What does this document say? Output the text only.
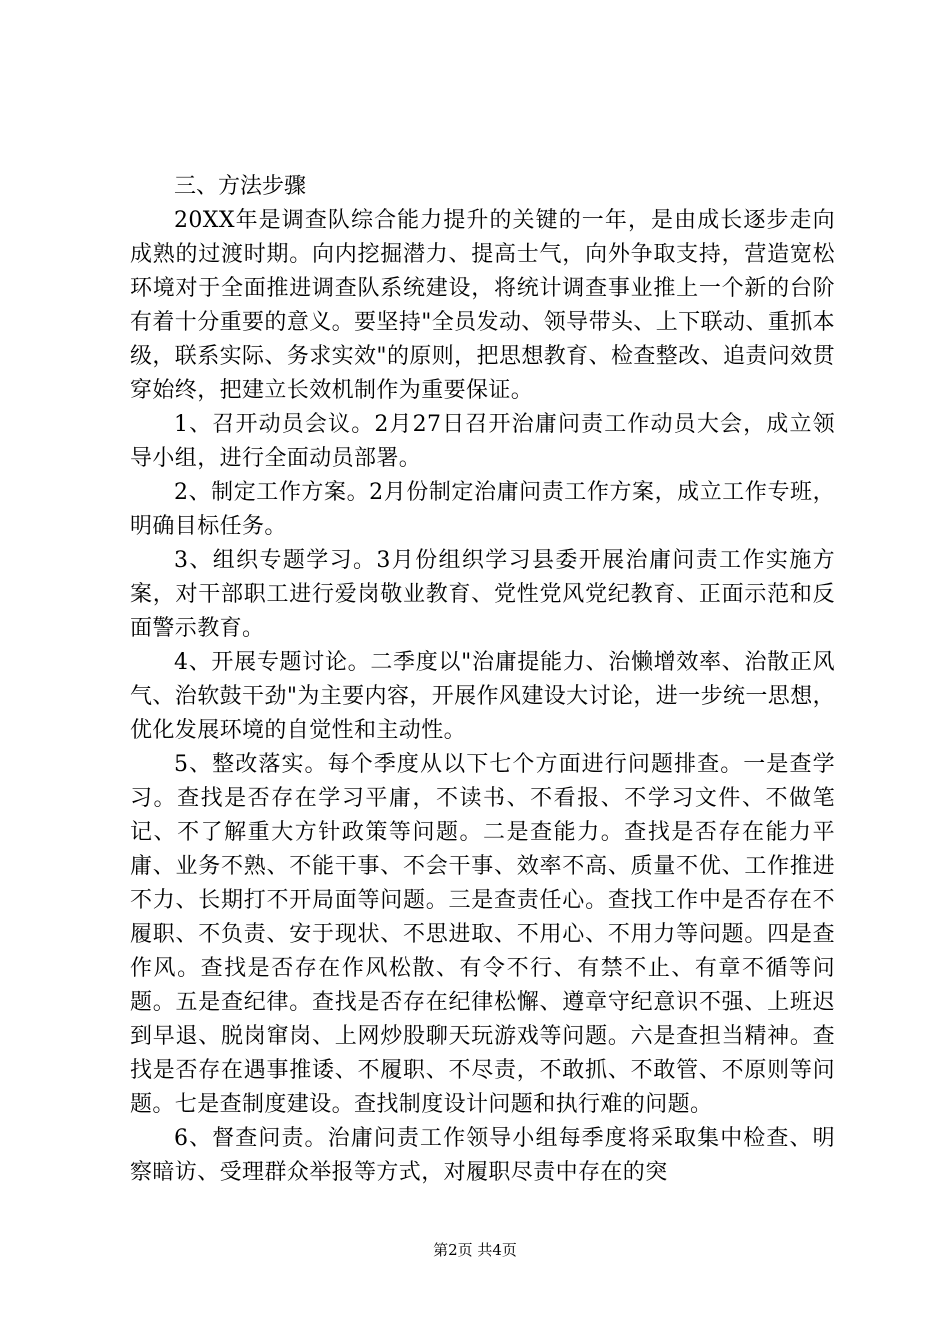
三、方法步骤

20XX年是调查队综合能力提升的关键的一年，是由成长逐步走向成熟的过渡时期。向内挖掘潜力、提高士气，向外争取支持，营造宽松环境对于全面推进调查队系统建设，将统计调查事业推上一个新的台阶有着十分重要的意义。要坚持"全员发动、领导带头、上下联动、重抓本级，联系实际、务求实效"的原则，把思想教育、检查整改、追责问效贯穿始终，把建立长效机制作为重要保证。

1、召开动员会议。2月27日召开治庸问责工作动员大会，成立领导小组，进行全面动员部署。

2、制定工作方案。2月份制定治庸问责工作方案，成立工作专班，明确目标任务。

3、组织专题学习。3月份组织学习县委开展治庸问责工作实施方案，对干部职工进行爱岗敬业教育、党性党风党纪教育、正面示范和反面警示教育。

4、开展专题讨论。二季度以"治庸提能力、治懒增效率、治散正风气、治软鼓干劲"为主要内容，开展作风建设大讨论，进一步统一思想，优化发展环境的自觉性和主动性。

5、整改落实。每个季度从以下七个方面进行问题排查。一是查学习。查找是否存在学习平庸，不读书、不看报、不学习文件、不做笔记、不了解重大方针政策等问题。二是查能力。查找是否存在能力平庸、业务不熟、不能干事、不会干事、效率不高、质量不优、工作推进不力、长期打不开局面等问题。三是查责任心。查找工作中是否存在不履职、不负责、安于现状、不思进取、不用心、不用力等问题。四是查作风。查找是否存在作风松散、有令不行、有禁不止、有章不循等问题。五是查纪律。查找是否存在纪律松懈、遵章守纪意识不强、上班迟到早退、脱岗窜岗、上网炒股聊天玩游戏等问题。六是查担当精神。查找是否存在遇事推诿、不履职、不尽责，不敢抓、不敢管、不原则等问题。七是查制度建设。查找制度设计问题和执行难的问题。

6、督查问责。治庸问责工作领导小组每季度将采取集中检查、明察暗访、受理群众举报等方式，对履职尽责中存在的突

第2页 共4页
